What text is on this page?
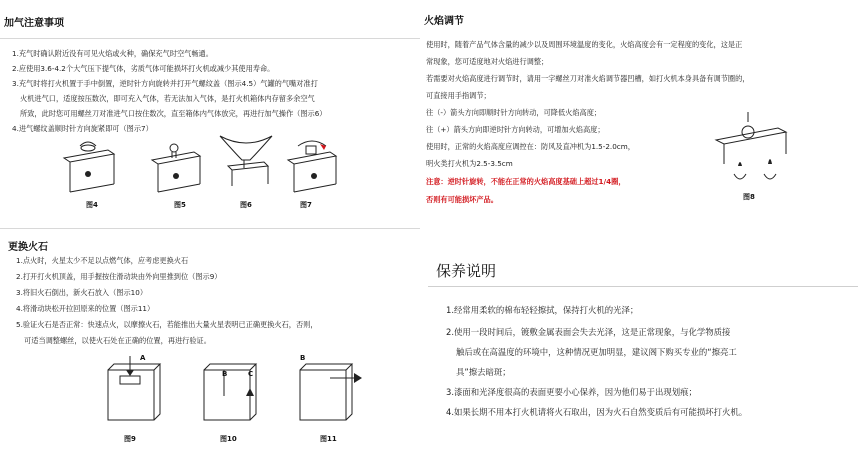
加气注意事项
1.充气时确认附近没有可见火焰或火种，确保充气时空气畅通。
2.应使用3.6-4.2个大气压下提气体，劣质气体可能损坏打火机或减少其使用寿命。
3.充气时将打火机置于手中倒置，逆时针方向旋转并打开气螺纹盖（图示4.5）气罐的气嘴对准打
火机进气口，适度按压数次，即可充入气体，若无法加入气体，是打火机箱体内存留多余空气
所致，此时您可用螺丝刀对准进气口按住数次，直至箱体内气体放完，再进行加气操作（图示6）
4.进气螺纹盖顺时针方向旋紧即可（图示7）
图4	图5	图6	图7
火焰调节
使用时，随着产品气体含量的减少以及周围环境温度的变化，火焰高度会有一定程度的变化，这是正
常现象，您可适度地对火焰进行调整；
若需要对火焰高度进行调节时，请用一字螺丝刀对准火焰调节器凹槽，如打火机本身具备有调节圈的，
可直接用手指调节；
往（-）箭头方向即顺时针方向转动，可降低火焰高度；
往（+）箭头方向即逆时针方向转动，可增加火焰高度；
使用时，正常的火焰高度应调控在：防风及直冲机为1.5-2.0cm，
明火类打火机为2.5-3.5cm
注意：逆时针旋转，不能在正常的火焰高度基础上超过1/4圈，
否则有可能损坏产品。	图8
更换火石
1.点火时，火星太少不足以点燃气体，应考虑更换火石
2.打开打火机顶盖，用手握按住滑动块由外向里推到位（图示9）
3.将旧火石倒出，新火石放入（图示10）
4.将滑动块松开拉回原来的位置（图示11）
5.验证火石是否正常：快速点火，以摩擦火石，若能推出大量火星表明已正确更换火石，否则，
可适当调整螺丝，以使火石处在正确的位置，再进行验证。
A
图9
B	C
图10
B
图11
保养说明
1.经常用柔软的棉布轻轻擦拭，保持打火机的光泽；
2.使用一段时间后，镀敷金属表面会失去光泽，这是正常现象，与化学物质接
触后或在高温度的环境中，这种情况更加明显，建议阁下购买专业的“擦亮工
具”擦去暗斑；
3.漆面和光泽度很高的表面更要小心保养，因为他们易于出现划痕；
4.如果长期不用本打火机请将火石取出，因为火石自然变质后有可能损坏打火机。
